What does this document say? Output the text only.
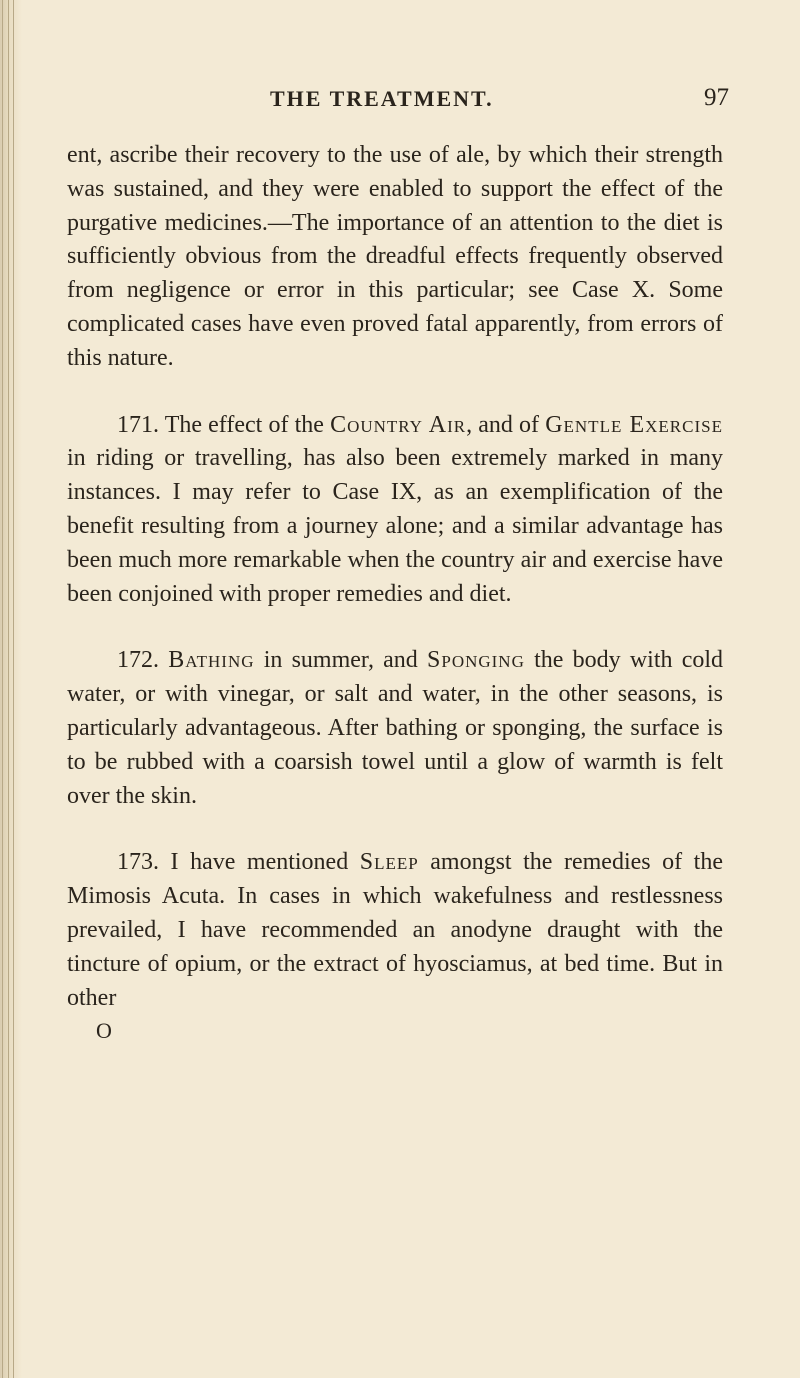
THE TREATMENT.	97

ent, ascribe their recovery to the use of ale, by which their strength was sustained, and they were enabled to support the effect of the purgative medicines.—The importance of an attention to the diet is sufficiently obvious from the dreadful effects frequently observed from negligence or error in this particular; see Case X. Some complicated cases have even proved fatal apparently, from errors of this nature.

171. The effect of the Country Air, and of Gentle Exercise in riding or travelling, has also been extremely marked in many instances. I may refer to Case IX, as an exemplification of the benefit resulting from a journey alone; and a similar advantage has been much more remarkable when the country air and exercise have been conjoined with proper remedies and diet.

172. Bathing in summer, and Sponging the body with cold water, or with vinegar, or salt and water, in the other seasons, is particularly advantageous. After bathing or sponging, the surface is to be rubbed with a coarsish towel until a glow of warmth is felt over the skin.

173. I have mentioned Sleep amongst the remedies of the Mimosis Acuta. In cases in which wakefulness and restlessness prevailed, I have recommended an anodyne draught with the tincture of opium, or the extract of hyosciamus, at bed time. But in other

O
